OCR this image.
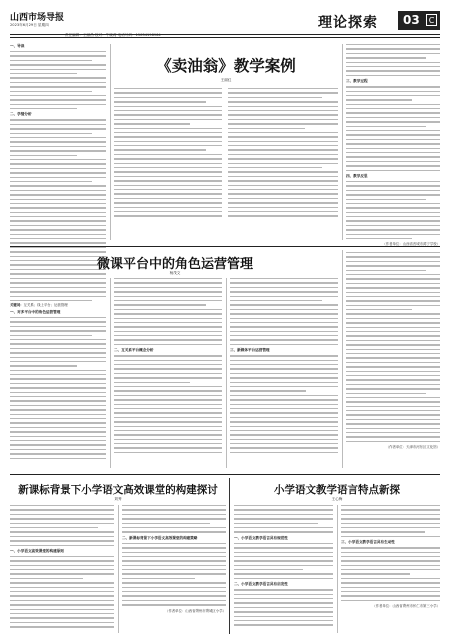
山西市场导报
2023年6月29日 星期四	理论探索 03	C
一、导读
二、学情分析
《卖油翁》教学案例
王丽红	三、教学过程
四、教学反思
（作者单位：山西省晋城市鸿宁学校）
微课平台中的角色运营管理
杨茂文
关键词：互关系；线上平台；运营管理
一、对多平台中的角色运营管理
二、互关系平台概念分析	三、新媒体平台运营管理
（作者单位：天津市河东区文化馆）
新课标背景下小学语文高效课堂的构建探讨
刘秀
一、小学语文高效课堂的构建原则
二、新课标背景下小学语文高效课堂的构建策略
（作者单位：山西省朔州市朔城区小学）
小学语文教学语言特点新探
王心梅
一、小学语文教学语言具有规范性
二、小学语文教学语言具有启发性
三、小学语文教学语言具有生动性
（作者单位：山西省朔州市怀仁市第三小学）
